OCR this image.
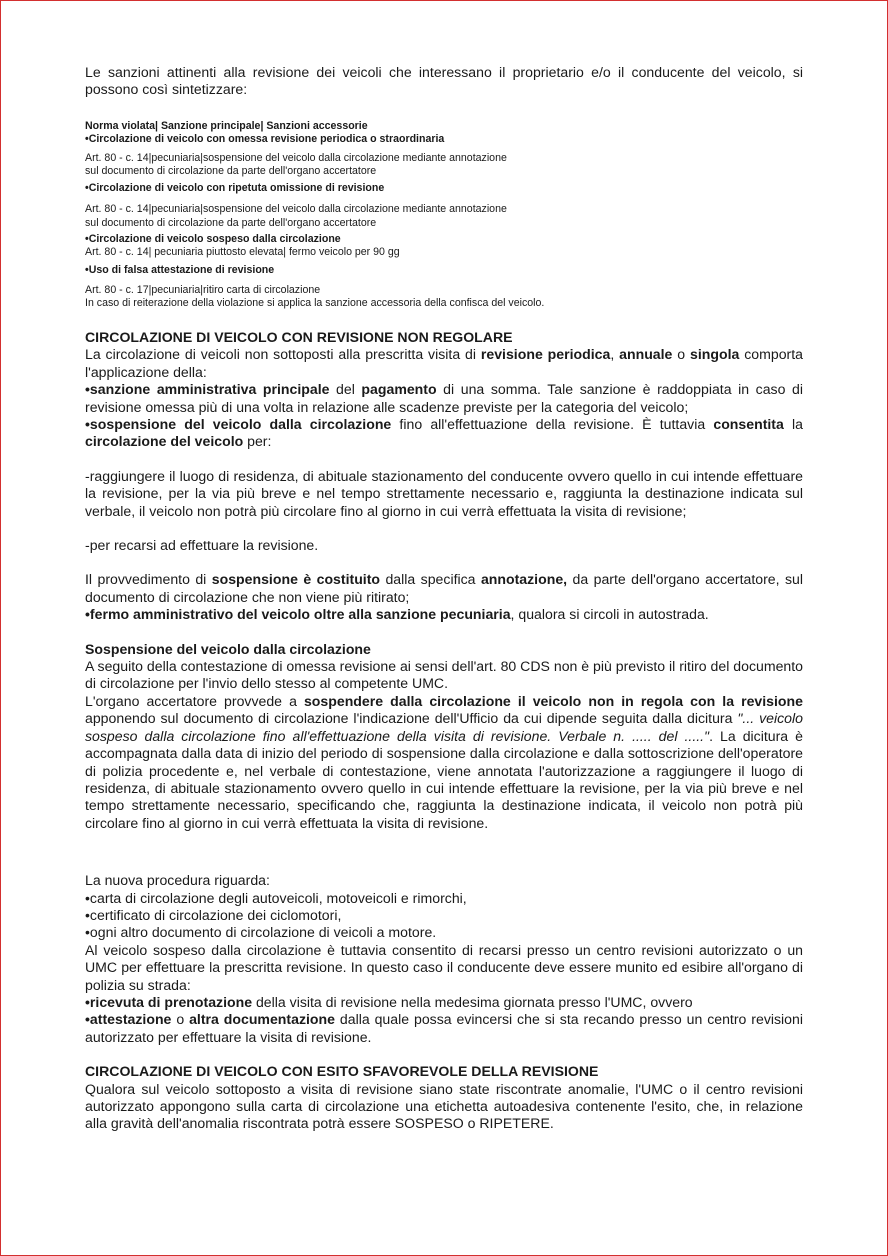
Le sanzioni attinenti alla revisione dei veicoli che interessano il proprietario e/o il conducente del veicolo, si possono così sintetizzare:

Norma violata| Sanzione principale| Sanzioni accessorie

•Circolazione di veicolo con omessa revisione periodica o straordinaria

Art. 80 - c. 14|pecuniaria|sospensione del veicolo dalla circolazione mediante annotazione

sul documento di circolazione da parte dell'organo accertatore

•Circolazione di veicolo con ripetuta omissione di revisione

Art. 80 - c. 14|pecuniaria|sospensione del veicolo dalla circolazione mediante annotazione

sul documento di circolazione da parte dell'organo accertatore

•Circolazione di veicolo sospeso dalla circolazione

Art. 80 - c. 14| pecuniaria piuttosto elevata| fermo veicolo per 90 gg

•Uso di falsa attestazione di revisione

Art. 80 - c. 17|pecuniaria|ritiro carta di circolazione

In caso di reiterazione della violazione si applica la sanzione accessoria della confisca del veicolo.

CIRCOLAZIONE DI VEICOLO CON REVISIONE NON REGOLARE

La circolazione di veicoli non sottoposti alla prescritta visita di revisione periodica, annuale o singola comporta l'applicazione della:

•sanzione amministrativa principale del pagamento di una somma. Tale sanzione è raddoppiata in caso di revisione omessa più di una volta in relazione alle scadenze previste per la categoria del veicolo;

•sospensione del veicolo dalla circolazione fino all'effettuazione della revisione. È tuttavia consentita la circolazione del veicolo per:

-raggiungere il luogo di residenza, di abituale stazionamento del conducente ovvero quello in cui intende effettuare la revisione, per la via più breve e nel tempo strettamente necessario e, raggiunta la destinazione indicata sul verbale, il veicolo non potrà più circolare fino al giorno in cui verrà effettuata la visita di revisione;

-per recarsi ad effettuare la revisione.

Il provvedimento di sospensione è costituito dalla specifica annotazione, da parte dell'organo accertatore, sul documento di circolazione che non viene più ritirato;

•fermo amministrativo del veicolo oltre alla sanzione pecuniaria, qualora si circoli in autostrada.

Sospensione del veicolo dalla circolazione

A seguito della contestazione di omessa revisione ai sensi dell'art. 80 CDS non è più previsto il ritiro del documento di circolazione per l'invio dello stesso al competente UMC.

L'organo accertatore provvede a sospendere dalla circolazione il veicolo non in regola con la revisione apponendo sul documento di circolazione l'indicazione dell'Ufficio da cui dipende seguita dalla dicitura "... veicolo sospeso dalla circolazione fino all'effettuazione della visita di revisione. Verbale n. ..... del .....". La dicitura è accompagnata dalla data di inizio del periodo di sospensione dalla circolazione e dalla sottoscrizione dell'operatore di polizia procedente e, nel verbale di contestazione, viene annotata l'autorizzazione a raggiungere il luogo di residenza, di abituale stazionamento ovvero quello in cui intende effettuare la revisione, per la via più breve e nel tempo strettamente necessario, specificando che, raggiunta la destinazione indicata, il veicolo non potrà più circolare fino al giorno in cui verrà effettuata la visita di revisione.

La nuova procedura riguarda:

•carta di circolazione degli autoveicoli, motoveicoli e rimorchi,

•certificato di circolazione dei ciclomotori,

•ogni altro documento di circolazione di veicoli a motore.

Al veicolo sospeso dalla circolazione è tuttavia consentito di recarsi presso un centro revisioni autorizzato o un UMC per effettuare la prescritta revisione. In questo caso il conducente deve essere munito ed esibire all'organo di polizia su strada:

•ricevuta di prenotazione della visita di revisione nella medesima giornata presso l'UMC, ovvero

•attestazione o altra documentazione dalla quale possa evincersi che si sta recando presso un centro revisioni autorizzato per effettuare la visita di revisione.

CIRCOLAZIONE DI VEICOLO CON ESITO SFAVOREVOLE DELLA REVISIONE

Qualora sul veicolo sottoposto a visita di revisione siano state riscontrate anomalie, l'UMC o il centro revisioni autorizzato appongono sulla carta di circolazione una etichetta autoadesiva contenente l'esito, che, in relazione alla gravità dell'anomalia riscontrata potrà essere SOSPESO o RIPETERE.
